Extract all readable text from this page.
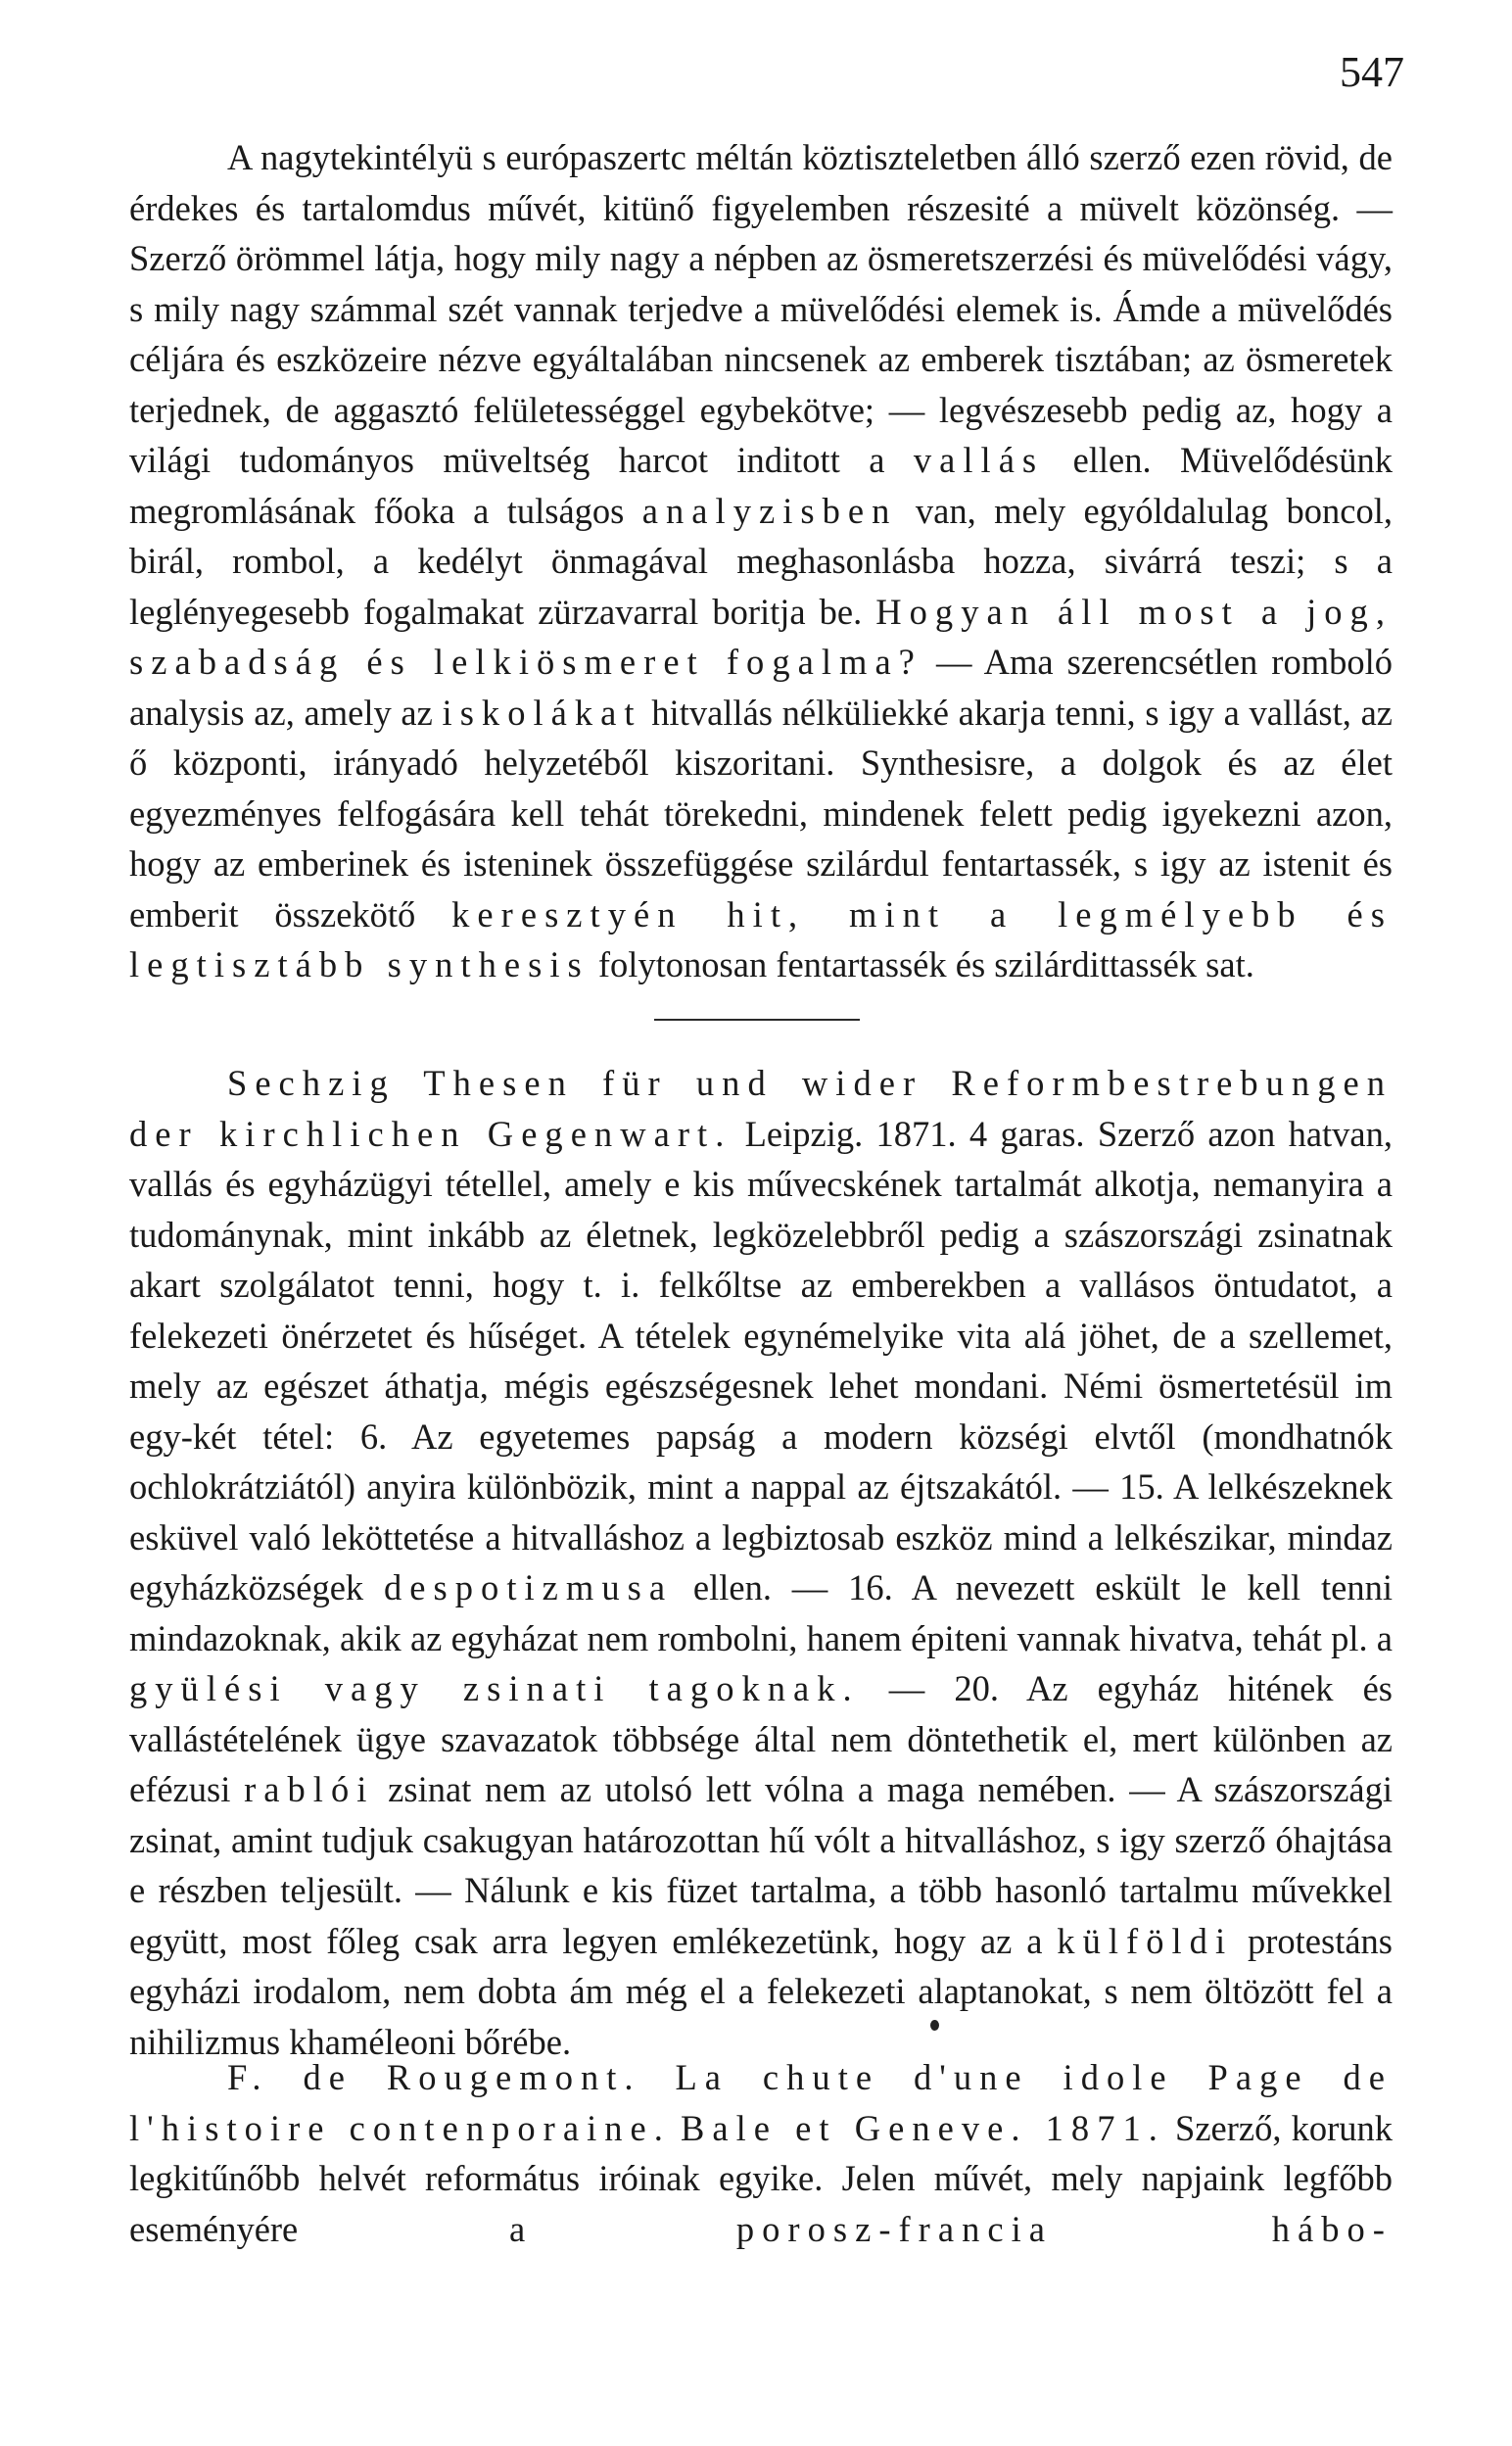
547

A nagytekintélyü s európaszertc méltán köztiszteletben álló szerző ezen rövid, de érdekes és tartalomdus művét, kitünő figyelemben részesité a müvelt közönség. — Szerző örömmel látja, hogy mily nagy a népben az ösmeretszerzési és müvelődési vágy, s mily nagy számmal szét vannak terjedve a müvelődési elemek is. Ámde a müvelődés céljára és eszközeire nézve egyáltalában nincsenek az emberek tisztában; az ösmeretek terjednek, de aggasztó felületességgel egybekötve; — legvészesebb pedig az, hogy a világi tudományos müveltség harcot inditott a vallás ellen. Müvelődésünk megromlásának főoka a tulságos analyzisben van, mely egyóldalulag boncol, birál, rombol, a kedélyt önmagával meghasonlásba hozza, sivárrá teszi; s a leglényegesebb fogalmakat zürzavarral boritja be. Hogyan áll most a jog, szabadság és lelkiösmeret fogalma? — Ama szerencsétlen romboló analysis az, amely az iskolákat hitvallás nélküliekké akarja tenni, s igy a vallást, az ő központi, irányadó helyzetéből kiszoritani. Synthesisre, a dolgok és az élet egyezményes felfogására kell tehát törekedni, mindenek felett pedig igyekezni azon, hogy az emberinek és isteninek összefüggése szilárdul fentartassék, s igy az istenit és emberit összekötő keresztyén hit, mint a legmélyebb és legtisztább synthesis folytonosan fentartassék és szilárdittassék sat.

Sechzig Thesen für und wider Reformbestrebungen der kirchlichen Gegenwart. Leipzig. 1871. 4 garas. Szerző azon hatvan, vallás és egyházügyi tétellel, amely e kis művecskének tartalmát alkotja, nemanyira a tudománynak, mint inkább az életnek, legközelebbről pedig a szászországi zsinatnak akart szolgálatot tenni, hogy t. i. felkőltse az emberekben a vallásos öntudatot, a felekezeti önérzetet és hűséget. A tételek egynémelyike vita alá jöhet, de a szellemet, mely az egészet áthatja, mégis egészségesnek lehet mondani. Némi ösmertetésül im egy-két tétel: 6. Az egyetemes papság a modern községi elvtől (mondhatnók ochlokrátziától) anyira különbözik, mint a nappal az éjtszakától. — 15. A lelkészeknek esküvel való leköttetése a hitvalláshoz a legbiztosab eszköz mind a lelkészikar, mindaz egyházközségek despotizmusa ellen. — 16. A nevezett eskült le kell tenni mindazoknak, akik az egyházat nem rombolni, hanem épiteni vannak hivatva, tehát pl. a gyülési vagy zsinati tagoknak. — 20. Az egyház hitének és vallástételének ügye szavazatok többsége által nem döntethetik el, mert különben az efézusi rablói zsinat nem az utolsó lett vólna a maga nemében. — A szászországi zsinat, amint tudjuk csakugyan határozottan hű vólt a hitvalláshoz, s igy szerző óhajtása e részben teljesült. — Nálunk e kis füzet tartalma, a több hasonló tartalmu művekkel együtt, most főleg csak arra legyen emlékezetünk, hogy az a külföldi protestáns egyházi irodalom, nem dobta ám még el a felekezeti alaptanokat, s nem öltözött fel a nihilizmus khaméleoni bőrébe.

F. de Rougemont. La chute d'une idole Page de l'histoire contenporaine. Bale et Geneve. 1871. Szerző, korunk legkitűnőbb helvét református iróinak egyike. Jelen művét, mely napjaink legfőbb eseményére a porosz-francia hábo-
